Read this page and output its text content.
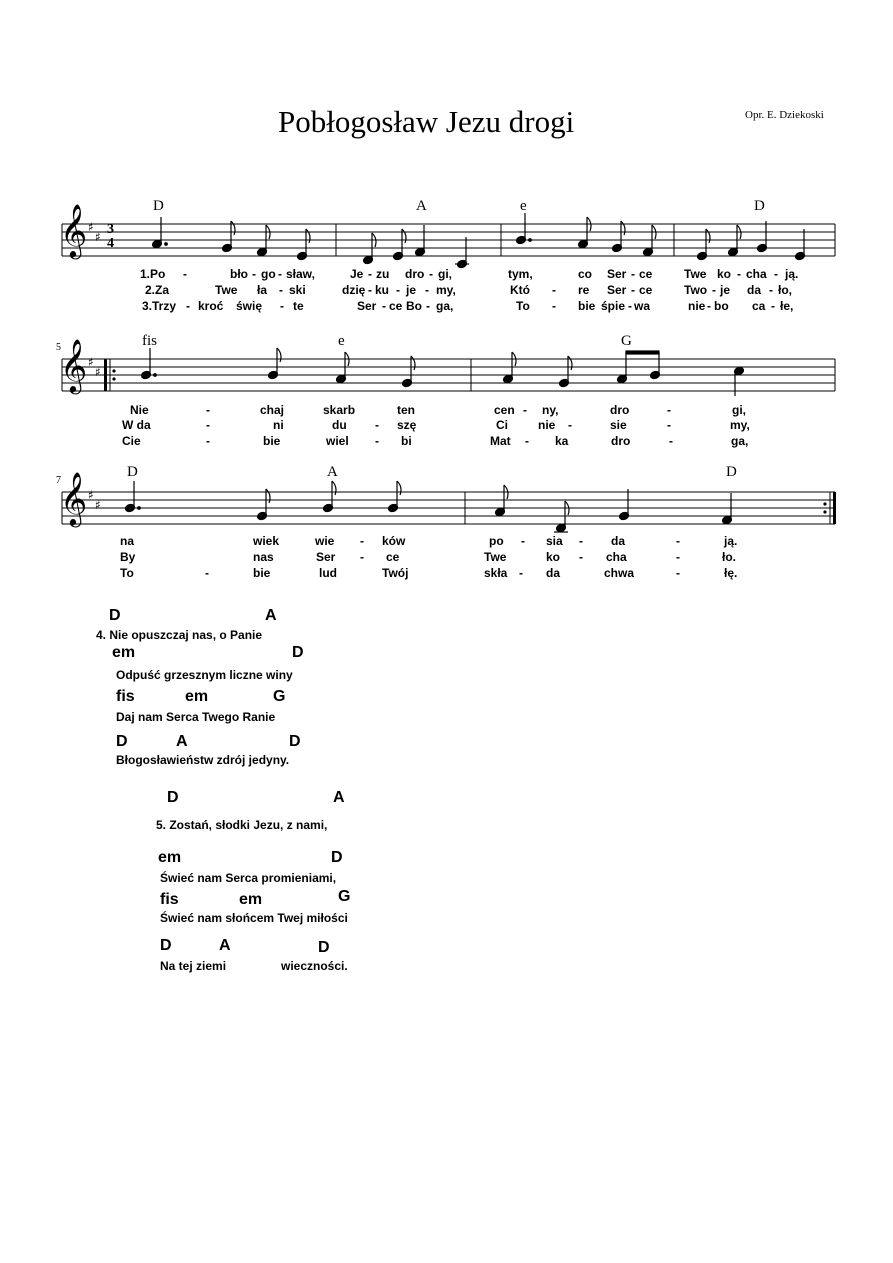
Pobłogosław Jezu drogi	Opr. E. Dziekoski
D	A	e	D
𝄞 ♯
♯ 3
4
1.Po -	bło - go - sław,	Je - zu dro - gi,	tym,	co Ser - ce	Twe ko - cha - ją.
2.Za	Twe ła - ski	dzię - ku - je - my,	Któ - re Ser - ce	Two - je da - ło,
3.Trzy - kroć świę - te	Ser - ce Bo - ga,	To - bie śpie - wa	nie - bo ca - łe,
5	fis	e	G
𝄞 ♯
♯
Nie	-	chaj	skarb	ten	cen - ny,	dro	-	gi,
W da	-	ni	du - szę	Ci	nie -	sie	-	my,
Cie	-	bie	wiel - bi	Mat - ka	dro	-	ga,
7
D	A	D
𝄞 ♯
♯
na	wiek	wie - ków	po - sia - da	-	ją.
By	nas	Ser - ce	Twe	ko - cha	-	ło.
To	-	bie	lud	Twój	skła - da	chwa	-	łę.
D	A
4. Nie opuszczaj nas, o Panie
em	D
Odpuść grzesznym liczne winy
fis	em	G
Daj nam Serca Twego Ranie
D	A	D
Błogosławieństw zdrój jedyny.
D	A
5. Zostań, słodki Jezu, z nami,
em	D
Świeć nam Serca promieniami,
fis	em	G
Świeć nam słońcem Twej miłości
D	A	D
Na tej ziemi	wieczności.
